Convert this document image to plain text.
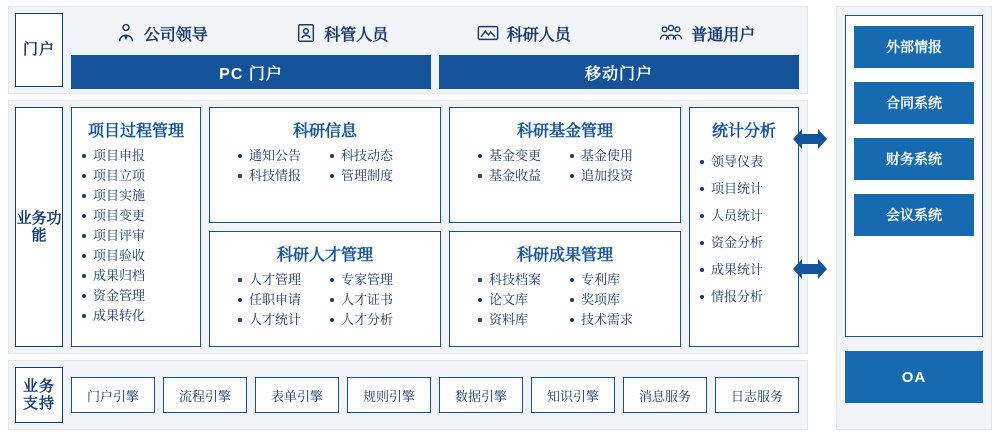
门户
公司领导	科管人员	科研人员	普通用户
PC 门户	移动门户
业务功能
项目过程管理
项目申报
项目立项
项目实施
项目变更
项目评审
项目验收
成果归档
资金管理
成果转化
科研信息
通知公告
科技情报
科技动态
管理制度
科研人才管理
人才管理
任职申请
人才统计
专家管理
人才证书
人才分析
科研基金管理
基金变更
基金收益
基金使用
追加投资
科研成果管理
科技档案
论文库
资料库
专利库
奖项库
技术需求
统计分析
领导仪表
项目统计
人员统计
资金分析
成果统计
情报分析
业务支持	门户引擎	流程引擎	表单引擎	规则引擎	数据引擎	知识引擎	消息服务	日志服务
外部情报
合同系统
财务系统
会议系统
OA
